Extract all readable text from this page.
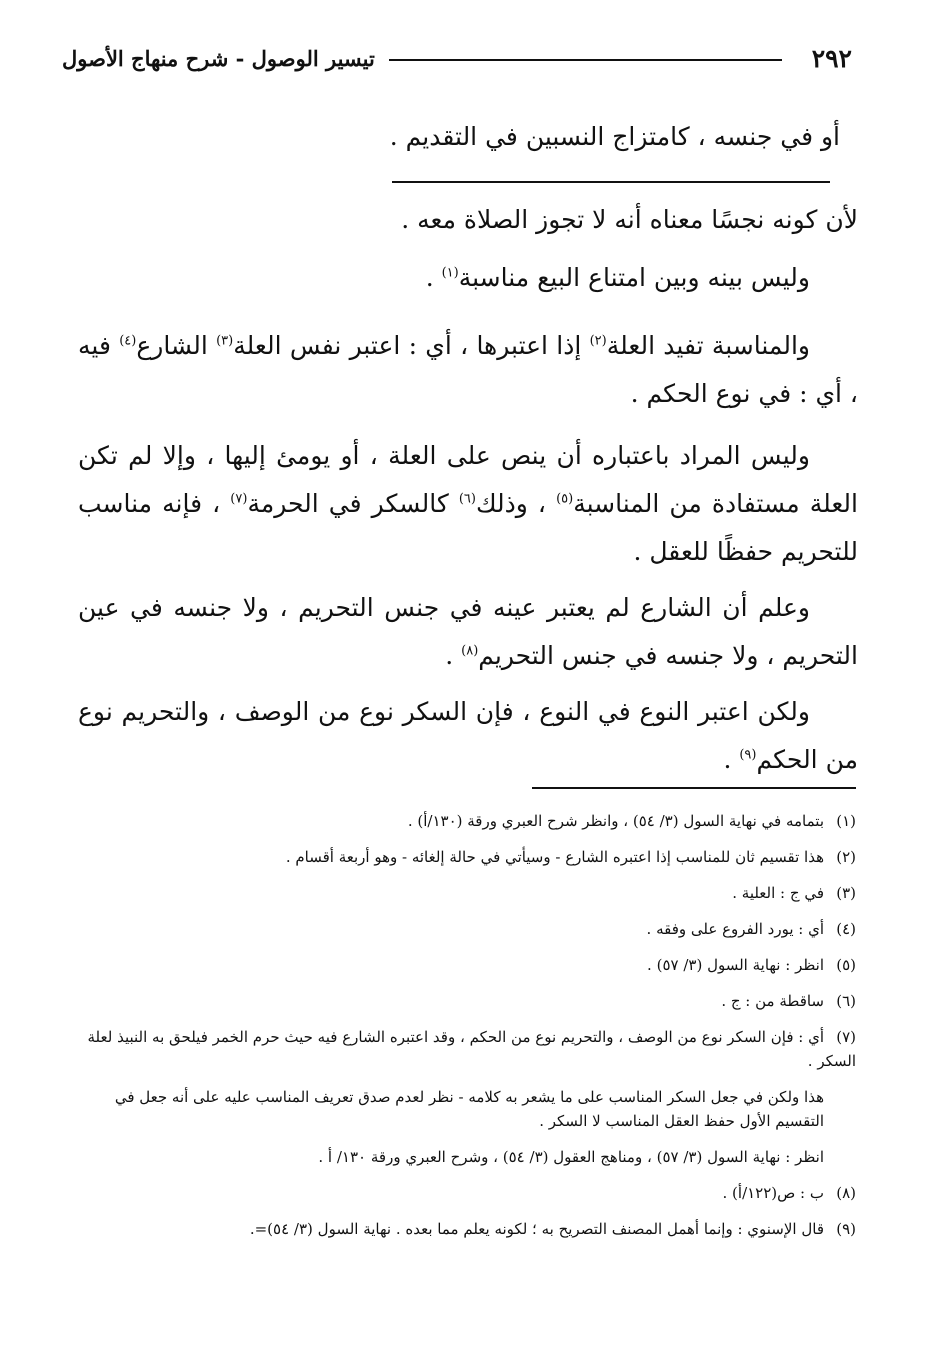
٢٩٢
تيسير الوصول - شرح منهاج الأصول
أو في جنسه ، كامتزاج النسبين في التقديم .

لأن كونه نجسًا معناه أنه لا تجوز الصلاة معه .

وليس بينه وبين امتناع البيع مناسبة$^{(١)}$ .

والمناسبة تفيد العلة$^{(٢)}$ إذا اعتبرها ، أي : اعتبر نفس العلة$^{(٣)}$ الشارع$^{(٤)}$ فيه ، أي : في نوع الحكم .

وليس المراد باعتباره أن ينص على العلة ، أو يومئ إليها ، وإلا لم تكن العلة مستفادة من المناسبة$^{(٥)}$ ، وذلك$^{(٦)}$ كالسكر في الحرمة$^{(٧)}$ ، فإنه مناسب للتحريم حفظًا للعقل .

وعلم أن الشارع لم يعتبر عينه في جنس التحريم ، ولا جنسه في عين التحريم ، ولا جنسه في جنس التحريم$^{(٨)}$ .

ولكن اعتبر النوع في النوع ، فإن السكر نوع من الوصف ، والتحريم نوع من الحكم$^{(٩)}$ .

(١)بتمامه في نهاية السول (٣/ ٥٤) ، وانظر شرح العبري ورقة (١٣٠/أ) .

(٢)هذا تقسيم ثان للمناسب إذا اعتبره الشارع - وسيأتي في حالة إلغائه - وهو أربعة أقسام .

(٣)في ج : العلية .

(٤)أي : يورد الفروع على وفقه .

(٥)انظر : نهاية السول (٣/ ٥٧) .

(٦)ساقطة من : ج .

(٧)أي : فإن السكر نوع من الوصف ، والتحريم نوع من الحكم ، وقد اعتبره الشارع فيه حيث حرم الخمر فيلحق به النبيذ لعلة السكر .

هذا ولكن في جعل السكر المناسب على ما يشعر به كلامه - نظر لعدم صدق تعريف المناسب عليه على أنه جعل في التقسيم الأول حفظ العقل المناسب لا السكر .

انظر : نهاية السول (٣/ ٥٧) ، ومناهج العقول (٣/ ٥٤) ، وشرح العبري ورقة ١٣٠/ أ .

(٨)ب : ص(١٢٢/أ) .

(٩)قال الإسنوي : وإنما أهمل المصنف التصريح به ؛ لكونه يعلم مما بعده . نهاية السول (٣/ ٥٤)=.
